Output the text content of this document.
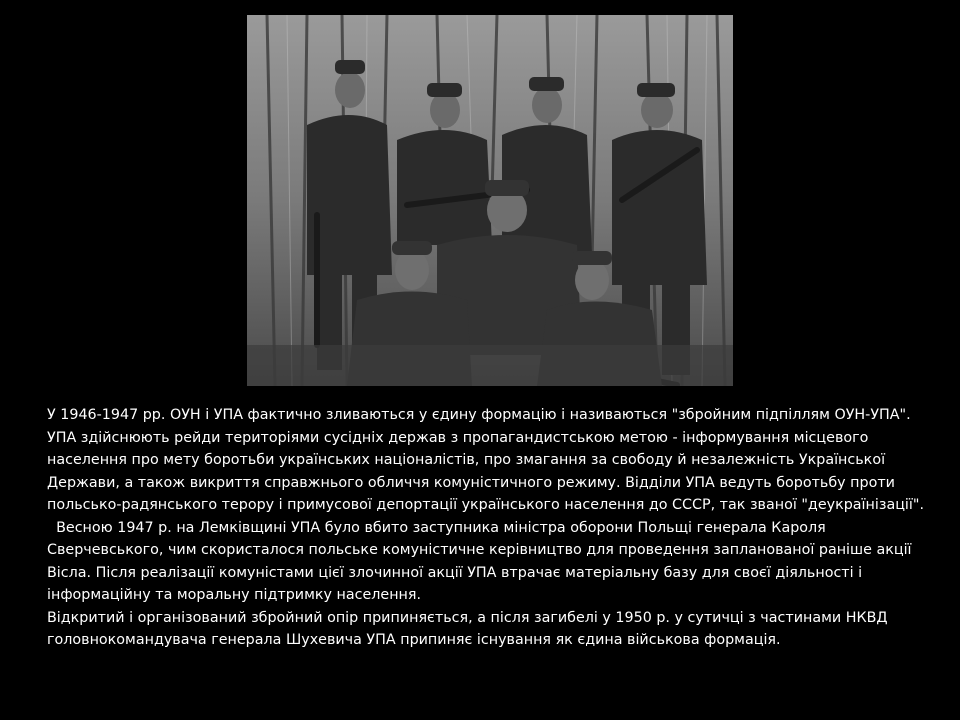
У 1946-1947 рр. ОУН і УПА фактично зливаються у єдину формацію і називаються "збройним підпіллям ОУН-УПА". УПА здійснюють рейди територіями сусідніх держав з пропагандистською метою - інформування місцевого населення про мету боротьби українських націоналістів, про змагання за свободу й незалежність Української Держави, а також викриття справжнього обличчя комуністичного режиму. Відділи УПА ведуть боротьбу проти польсько-радянського терору і примусової депортації українського населення до СССР, так званої "деукраїнізації".

Весною 1947 р. на Лемківщині УПА було вбито заступника міністра оборони Польщі генерала Кароля Сверчевського, чим скористалося польське комуністичне керівництво для проведення запланованої раніше акції Вісла. Після реалізації комуністами цієї злочинної акції УПА втрачає матеріальну базу для своєї діяльності і інформаційну та моральну підтримку населення.

Відкритий і організований збройний опір припиняється, а після загибелі у 1950 р. у сутичці з частинами НКВД головнокомандувача генерала Шухевича УПА припиняє існування як єдина військова формація.
